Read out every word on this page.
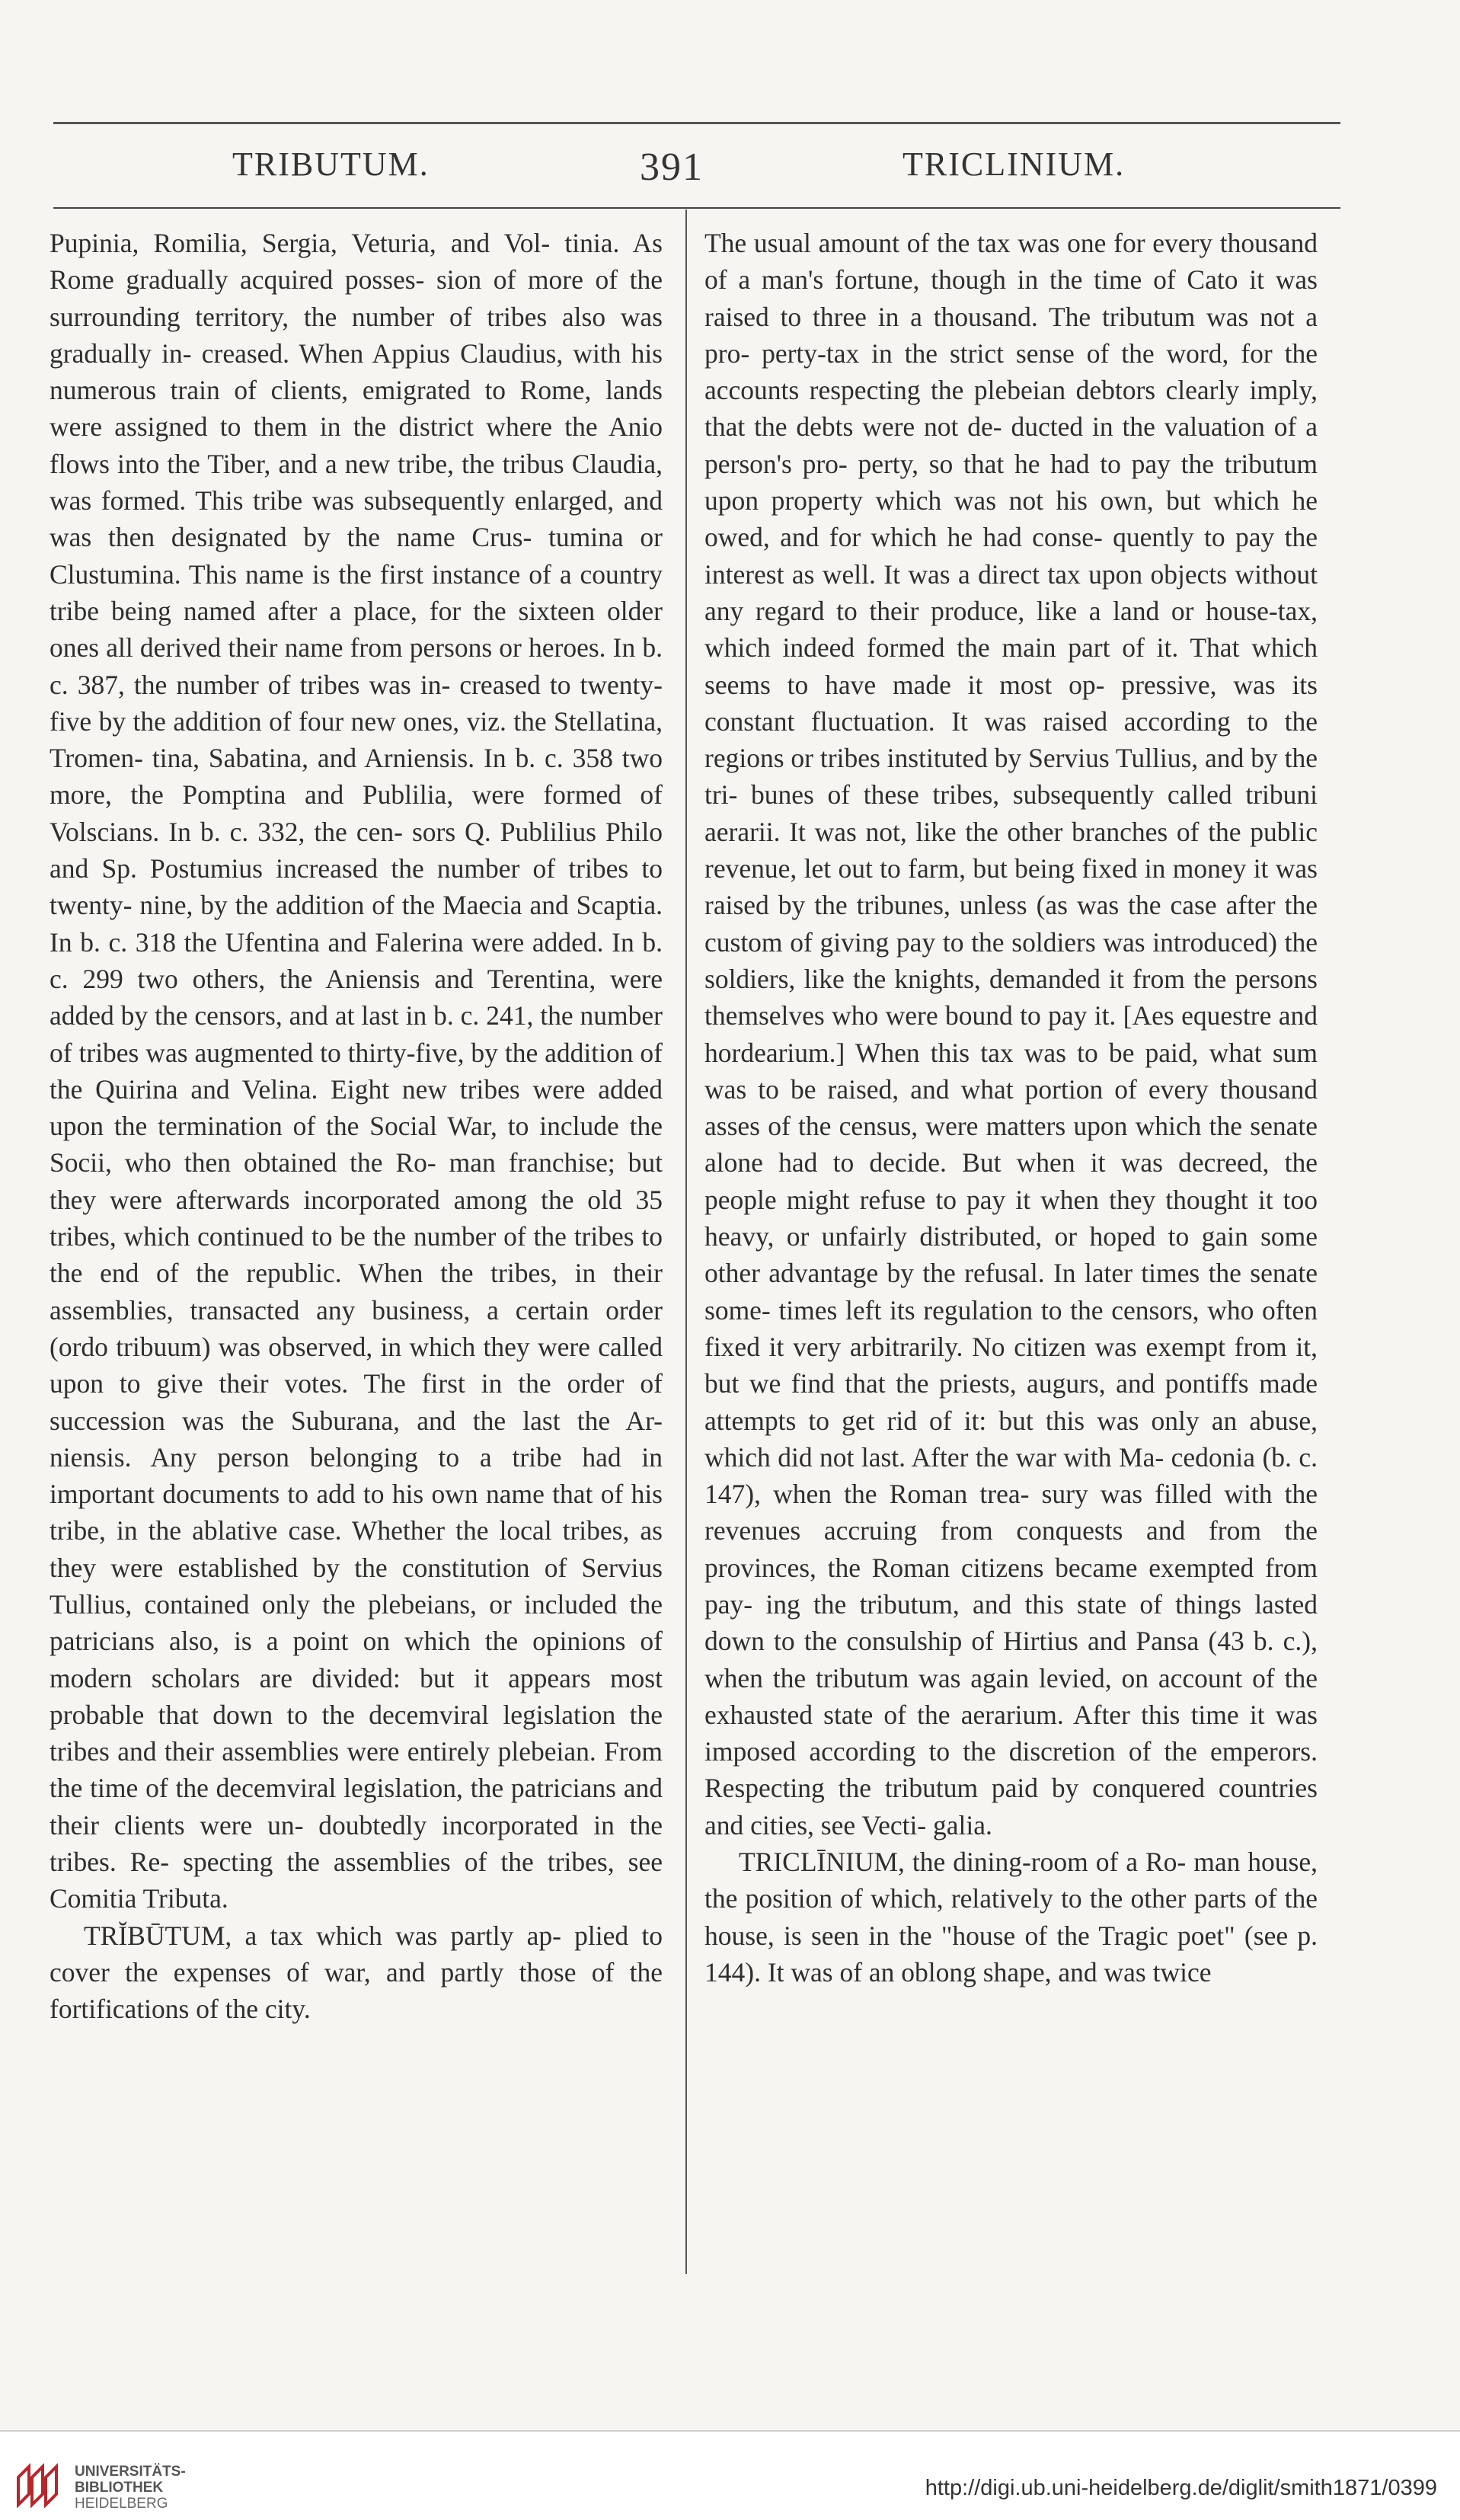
TRIBUTUM.	391	TRICLINIUM.

Pupinia, Romilia, Sergia, Veturia, and Vol- tinia. As Rome gradually acquired posses- sion of more of the surrounding territory, the number of tribes also was gradually in- creased. When Appius Claudius, with his numerous train of clients, emigrated to Rome, lands were assigned to them in the district where the Anio flows into the Tiber, and a new tribe, the tribus Claudia, was formed. This tribe was subsequently enlarged, and was then designated by the name Crus- tumina or Clustumina. This name is the first instance of a country tribe being named after a place, for the sixteen older ones all derived their name from persons or heroes. In b. c. 387, the number of tribes was in- creased to twenty-five by the addition of four new ones, viz. the Stellatina, Tromen- tina, Sabatina, and Arniensis. In b. c. 358 two more, the Pomptina and Publilia, were formed of Volscians. In b. c. 332, the cen- sors Q. Publilius Philo and Sp. Postumius increased the number of tribes to twenty- nine, by the addition of the Maecia and Scaptia. In b. c. 318 the Ufentina and Falerina were added. In b. c. 299 two others, the Aniensis and Terentina, were added by the censors, and at last in b. c. 241, the number of tribes was augmented to thirty-five, by the addition of the Quirina and Velina. Eight new tribes were added upon the termination of the Social War, to include the Socii, who then obtained the Ro- man franchise; but they were afterwards incorporated among the old 35 tribes, which continued to be the number of the tribes to the end of the republic. When the tribes, in their assemblies, transacted any business, a certain order (ordo tribuum) was observed, in which they were called upon to give their votes. The first in the order of succession was the Suburana, and the last the Ar- niensis. Any person belonging to a tribe had in important documents to add to his own name that of his tribe, in the ablative case. Whether the local tribes, as they were established by the constitution of Servius Tullius, contained only the plebeians, or included the patricians also, is a point on which the opinions of modern scholars are divided: but it appears most probable that down to the decemviral legislation the tribes and their assemblies were entirely plebeian. From the time of the decemviral legislation, the patricians and their clients were un- doubtedly incorporated in the tribes. Re- specting the assemblies of the tribes, see Comitia Tributa.

TRĬBŪTUM, a tax which was partly ap- plied to cover the expenses of war, and partly those of the fortifications of the city.

The usual amount of the tax was one for every thousand of a man's fortune, though in the time of Cato it was raised to three in a thousand. The tributum was not a pro- perty-tax in the strict sense of the word, for the accounts respecting the plebeian debtors clearly imply, that the debts were not de- ducted in the valuation of a person's pro- perty, so that he had to pay the tributum upon property which was not his own, but which he owed, and for which he had conse- quently to pay the interest as well. It was a direct tax upon objects without any regard to their produce, like a land or house-tax, which indeed formed the main part of it. That which seems to have made it most op- pressive, was its constant fluctuation. It was raised according to the regions or tribes instituted by Servius Tullius, and by the tri- bunes of these tribes, subsequently called tribuni aerarii. It was not, like the other branches of the public revenue, let out to farm, but being fixed in money it was raised by the tribunes, unless (as was the case after the custom of giving pay to the soldiers was introduced) the soldiers, like the knights, demanded it from the persons themselves who were bound to pay it. [Aes equestre and hordearium.] When this tax was to be paid, what sum was to be raised, and what portion of every thousand asses of the census, were matters upon which the senate alone had to decide. But when it was decreed, the people might refuse to pay it when they thought it too heavy, or unfairly distributed, or hoped to gain some other advantage by the refusal. In later times the senate some- times left its regulation to the censors, who often fixed it very arbitrarily. No citizen was exempt from it, but we find that the priests, augurs, and pontiffs made attempts to get rid of it: but this was only an abuse, which did not last. After the war with Ma- cedonia (b. c. 147), when the Roman trea- sury was filled with the revenues accruing from conquests and from the provinces, the Roman citizens became exempted from pay- ing the tributum, and this state of things lasted down to the consulship of Hirtius and Pansa (43 b. c.), when the tributum was again levied, on account of the exhausted state of the aerarium. After this time it was imposed according to the discretion of the emperors. Respecting the tributum paid by conquered countries and cities, see Vecti- galia.

TRICLĪNIUM, the dining-room of a Ro- man house, the position of which, relatively to the other parts of the house, is seen in the "house of the Tragic poet" (see p. 144). It was of an oblong shape, and was twice

UNIVERSITÄTS-
BIBLIOTHEK
HEIDELBERG
http://digi.ub.uni-heidelberg.de/diglit/smith1871/0399
